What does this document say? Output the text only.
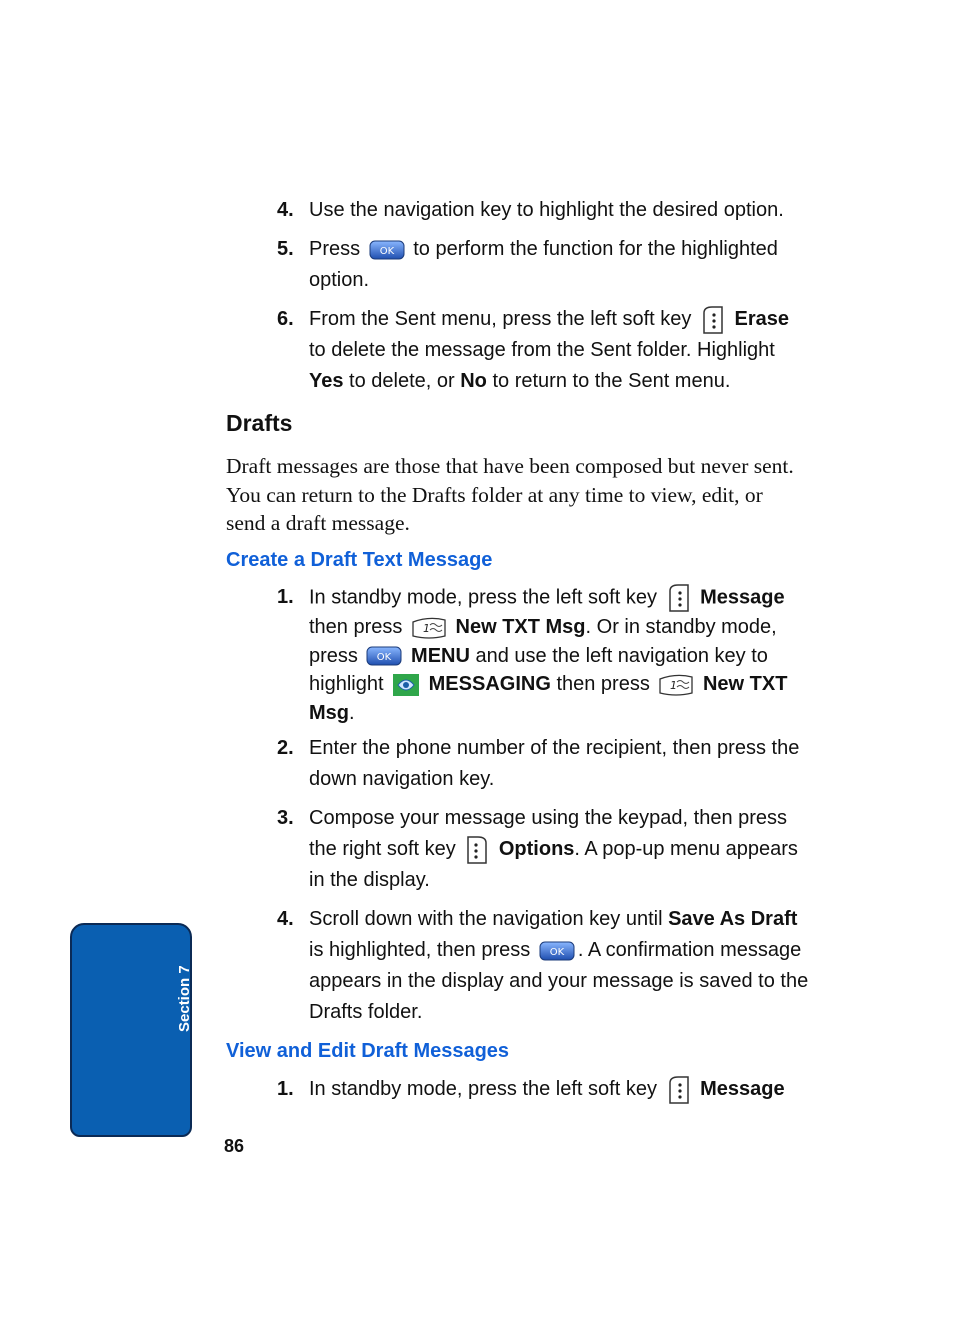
4. Use the navigation key to highlight the desired option.
5. Press OK to perform the function for the highlighted option.
6. From the Sent menu, press the left soft key Erase to delete the message from the Sent folder. Highlight Yes to delete, or No to return to the Sent menu.
Drafts
Draft messages are those that have been composed but never sent. You can return to the Drafts folder at any time to view, edit, or send a draft message.
Create a Draft Text Message
1. In standby mode, press the left soft key Message then press 1 New TXT Msg. Or in standby mode, press OK MENU and use the left navigation key to highlight MESSAGING then press 1 New TXT Msg.
2. Enter the phone number of the recipient, then press the down navigation key.
3. Compose your message using the keypad, then press the right soft key Options. A pop-up menu appears in the display.
4. Scroll down with the navigation key until Save As Draft is highlighted, then press OK . A confirmation message appears in the display and your message is saved to the Drafts folder.
View and Edit Draft Messages
1. In standby mode, press the left soft key Message
Section 7
86
